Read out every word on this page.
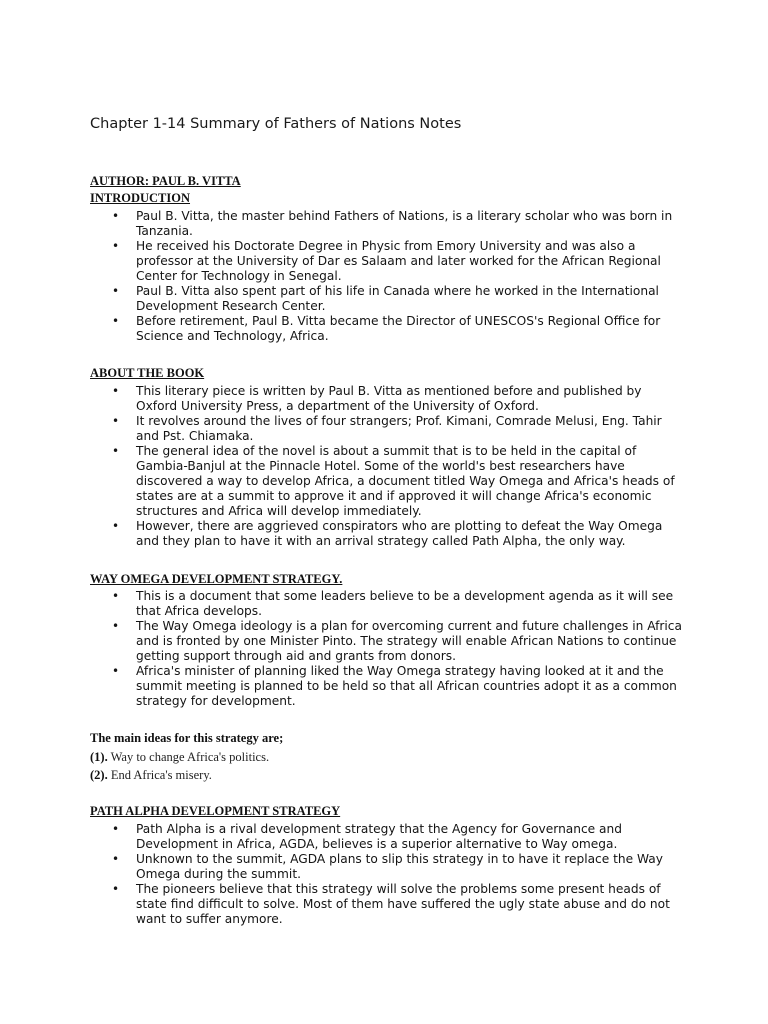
Chapter 1-14 Summary of Fathers of Nations Notes
AUTHOR: PAUL B. VITTA
INTRODUCTION
• Paul B. Vitta, the master behind Fathers of Nations, is a literary scholar who was born in Tanzania.
• He received his Doctorate Degree in Physic from Emory University and was also a professor at the University of Dar es Salaam and later worked for the African Regional Center for Technology in Senegal.
• Paul B. Vitta also spent part of his life in Canada where he worked in the International Development Research Center.
• Before retirement, Paul B. Vitta became the Director of UNESCOS's Regional Office for Science and Technology, Africa.
ABOUT THE BOOK
• This literary piece is written by Paul B. Vitta as mentioned before and published by Oxford University Press, a department of the University of Oxford.
• It revolves around the lives of four strangers; Prof. Kimani, Comrade Melusi, Eng. Tahir and Pst. Chiamaka.
• The general idea of the novel is about a summit that is to be held in the capital of Gambia-Banjul at the Pinnacle Hotel. Some of the world's best researchers have discovered a way to develop Africa, a document titled Way Omega and Africa's heads of states are at a summit to approve it and if approved it will change Africa's economic structures and Africa will develop immediately.
• However, there are aggrieved conspirators who are plotting to defeat the Way Omega and they plan to have it with an arrival strategy called Path Alpha, the only way.
WAY OMEGA DEVELOPMENT STRATEGY.
• This is a document that some leaders believe to be a development agenda as it will see that Africa develops.
• The Way Omega ideology is a plan for overcoming current and future challenges in Africa and is fronted by one Minister Pinto. The strategy will enable African Nations to continue getting support through aid and grants from donors.
• Africa's minister of planning liked the Way Omega strategy having looked at it and the summit meeting is planned to be held so that all African countries adopt it as a common strategy for development.
The main ideas for this strategy are;
(1). Way to change Africa's politics.
(2). End Africa's misery.
PATH ALPHA DEVELOPMENT STRATEGY
• Path Alpha is a rival development strategy that the Agency for Governance and Development in Africa, AGDA, believes is a superior alternative to Way omega.
• Unknown to the summit, AGDA plans to slip this strategy in to have it replace the Way Omega during the summit.
• The pioneers believe that this strategy will solve the problems some present heads of state find difficult to solve. Most of them have suffered the ugly state abuse and do not want to suffer anymore.
